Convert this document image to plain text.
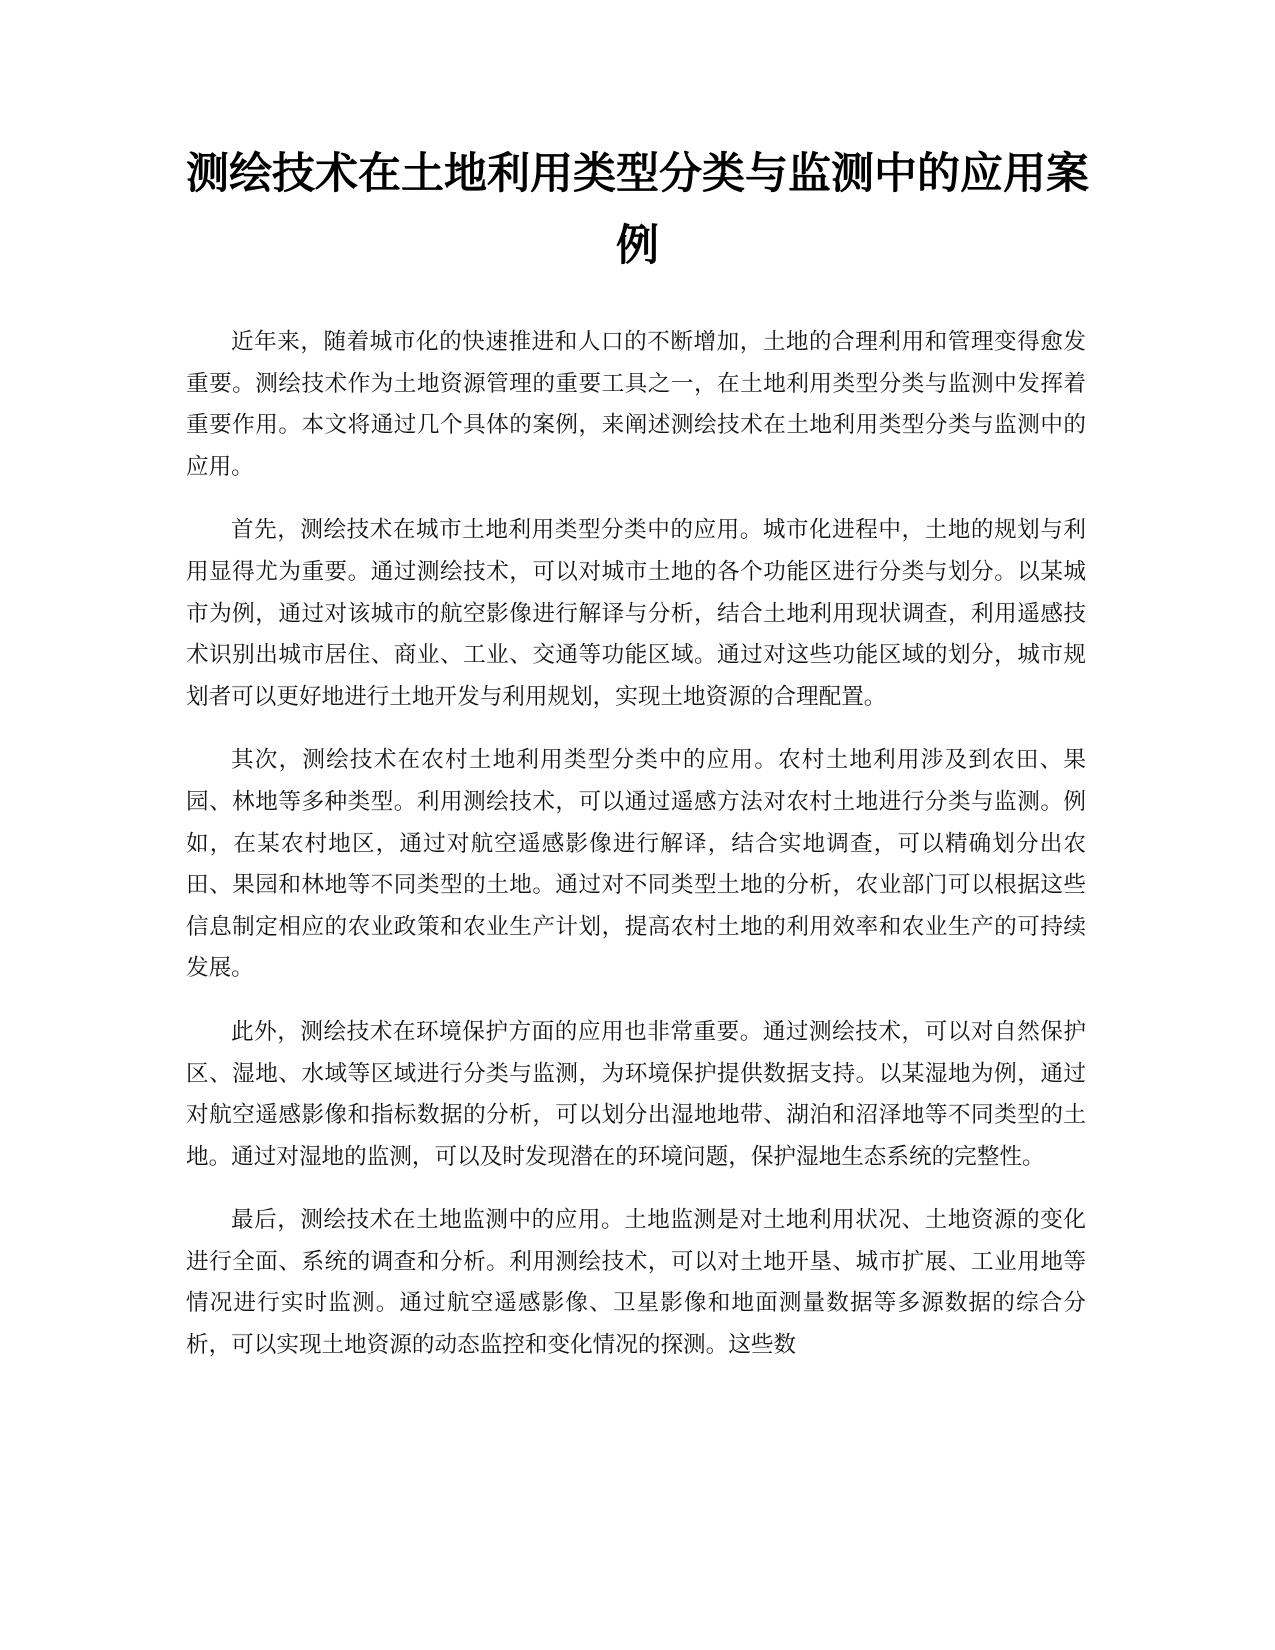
测绘技术在土地利用类型分类与监测中的应用案例

近年来，随着城市化的快速推进和人口的不断增加，土地的合理利用和管理变得愈发重要。测绘技术作为土地资源管理的重要工具之一，在土地利用类型分类与监测中发挥着重要作用。本文将通过几个具体的案例，来阐述测绘技术在土地利用类型分类与监测中的应用。

首先，测绘技术在城市土地利用类型分类中的应用。城市化进程中，土地的规划与利用显得尤为重要。通过测绘技术，可以对城市土地的各个功能区进行分类与划分。以某城市为例，通过对该城市的航空影像进行解译与分析，结合土地利用现状调查，利用遥感技术识别出城市居住、商业、工业、交通等功能区域。通过对这些功能区域的划分，城市规划者可以更好地进行土地开发与利用规划，实现土地资源的合理配置。

其次，测绘技术在农村土地利用类型分类中的应用。农村土地利用涉及到农田、果园、林地等多种类型。利用测绘技术，可以通过遥感方法对农村土地进行分类与监测。例如，在某农村地区，通过对航空遥感影像进行解译，结合实地调查，可以精确划分出农田、果园和林地等不同类型的土地。通过对不同类型土地的分析，农业部门可以根据这些信息制定相应的农业政策和农业生产计划，提高农村土地的利用效率和农业生产的可持续发展。

此外，测绘技术在环境保护方面的应用也非常重要。通过测绘技术，可以对自然保护区、湿地、水域等区域进行分类与监测，为环境保护提供数据支持。以某湿地为例，通过对航空遥感影像和指标数据的分析，可以划分出湿地地带、湖泊和沼泽地等不同类型的土地。通过对湿地的监测，可以及时发现潜在的环境问题，保护湿地生态系统的完整性。

最后，测绘技术在土地监测中的应用。土地监测是对土地利用状况、土地资源的变化进行全面、系统的调查和分析。利用测绘技术，可以对土地开垦、城市扩展、工业用地等情况进行实时监测。通过航空遥感影像、卫星影像和地面测量数据等多源数据的综合分析，可以实现土地资源的动态监控和变化情况的探测。这些数
